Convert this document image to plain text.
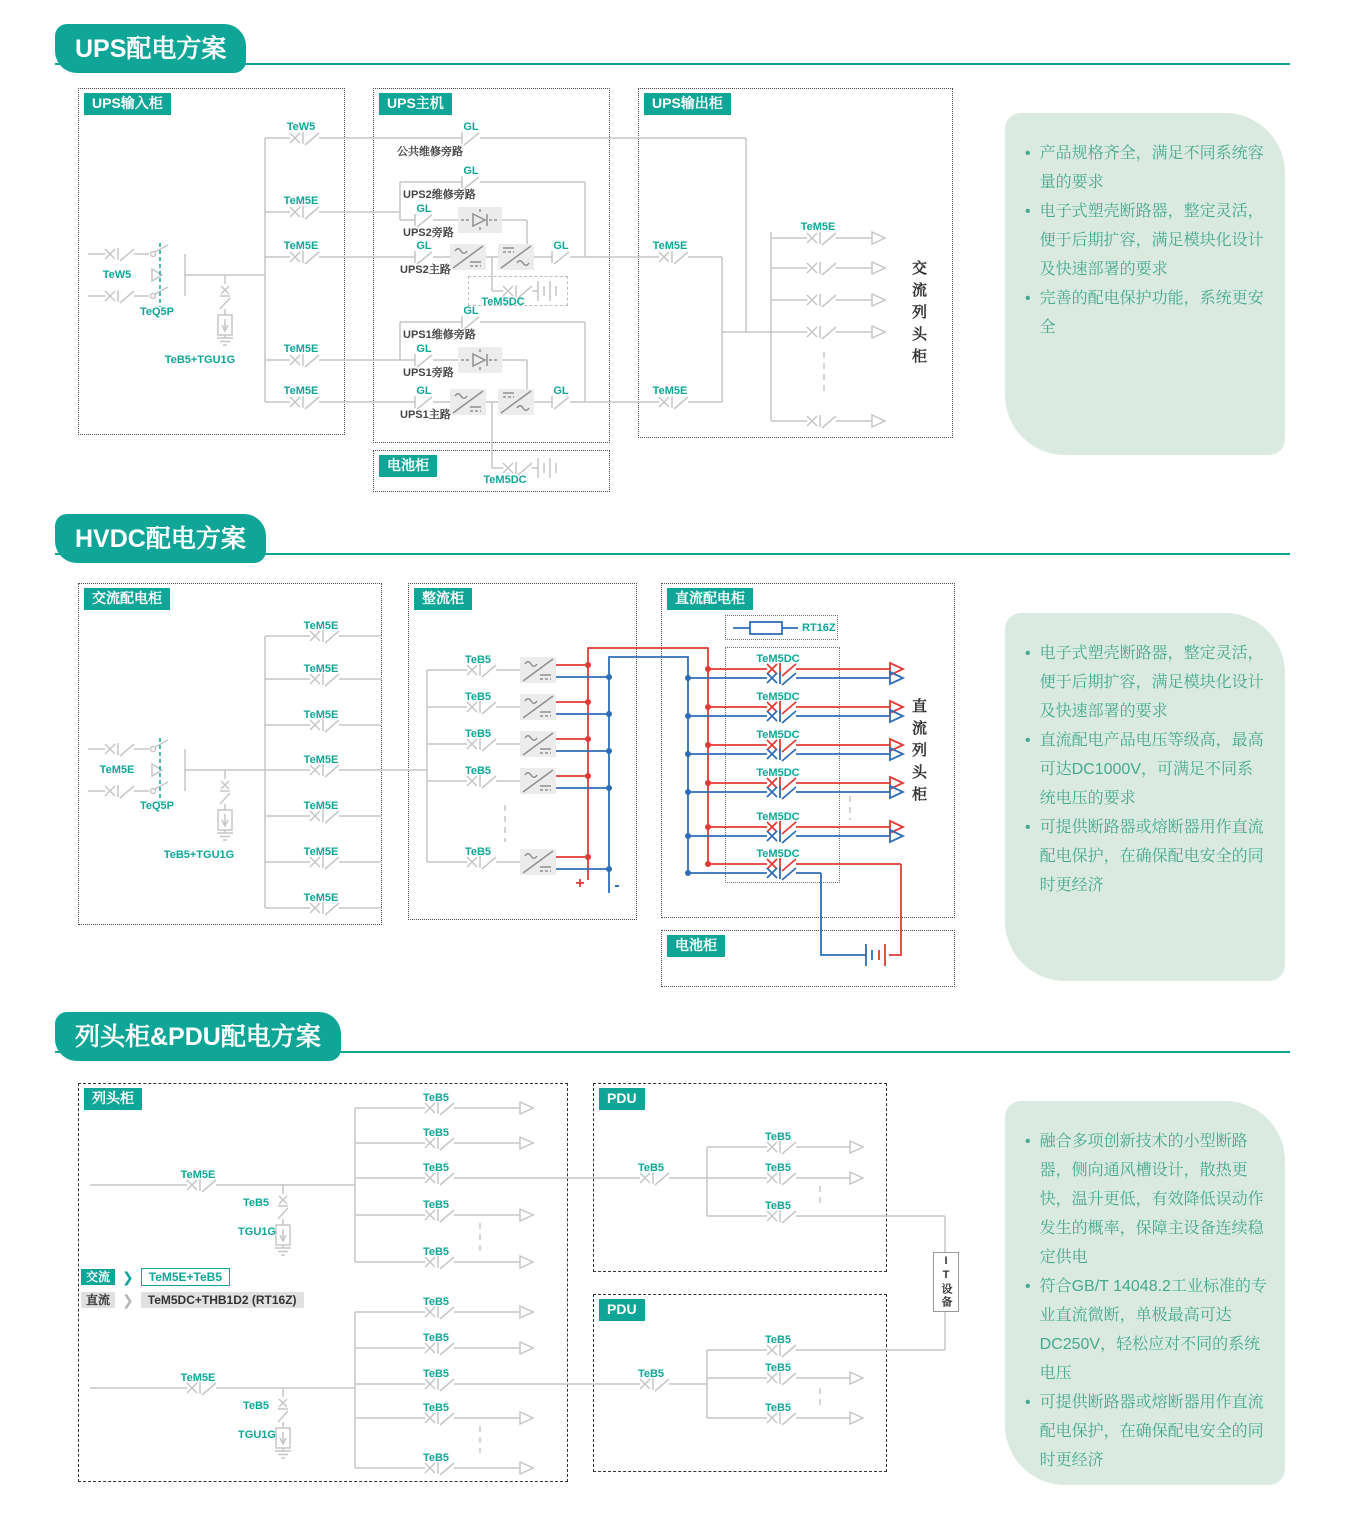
UPS配电方案
HVDC配电方案
列头柜&PDU配电方案
UPS输入柜	UPS主机
电池柜
UPS输出柜
交流配电柜	整流柜	直流配电柜
电池柜
列头柜	PDU
PDU	IT设备
• 产品规格齐全，满足不同系统容量的要求
• 电子式塑壳断路器，整定灵活，便于后期扩容，满足模块化设计及快速部署的要求
• 完善的配电保护功能，系统更安全
• 电子式塑壳断路器，整定灵活，便于后期扩容，满足模块化设计及快速部署的要求
• 直流配电产品电压等级高，最高可达DC1000V，可满足不同系统电压的要求
• 可提供断路器或熔断器用作直流配电保护，在确保配电安全的同时更经济
• 融合多项创新技术的小型断路器，侧向通风槽设计，散热更快，温升更低，有效降低误动作发生的概率，保障主设备连续稳定供电
• 符合GB/T 14048.2工业标准的专业直流微断，单极最高可达DC250V，轻松应对不同的系统电压
• 可提供断路器或熔断器用作直流配电保护，在确保配电安全的同时更经济
TeW5
TeQ5P
TeB5+TGU1G
TeW5
TeM5E
TeM5E
TeM5E
TeM5E
GL
GL
GL
GL	GL
GL
GL
GL	GL
公共维修旁路
UPS2维修旁路
UPS2旁路
UPS2主路
UPS1维修旁路
UPS1旁路
UPS1主路
TeM5DC
TeM5DC
TeM5E
TeM5E
TeM5E
交流列头柜
TeM5E
TeQ5P
TeB5+TGU1G
TeM5E
TeM5E
TeM5E
TeM5E
TeM5E
TeM5E
TeM5E
TeB5
TeB5
TeB5
TeB5
TeB5
RT16Z
TeM5DC
TeM5DC
TeM5DC
TeM5DC
TeM5DC
TeM5DC
+ -
直流列头柜
TeM5E
TeB5
TGU1G
TeB5
TeB5
TeB5
TeB5
TeB5
TeM5E
TeB5
TGU1G
TeB5
TeB5
TeB5
TeB5
TeB5
TeB5
TeB5
TeB5
TeB5
TeB5
TeB5
TeB5
TeB5
交流 ❯	TeM5E+TeB5
直流 ❯	TeM5DC+THB1D2 (RT16Z)
